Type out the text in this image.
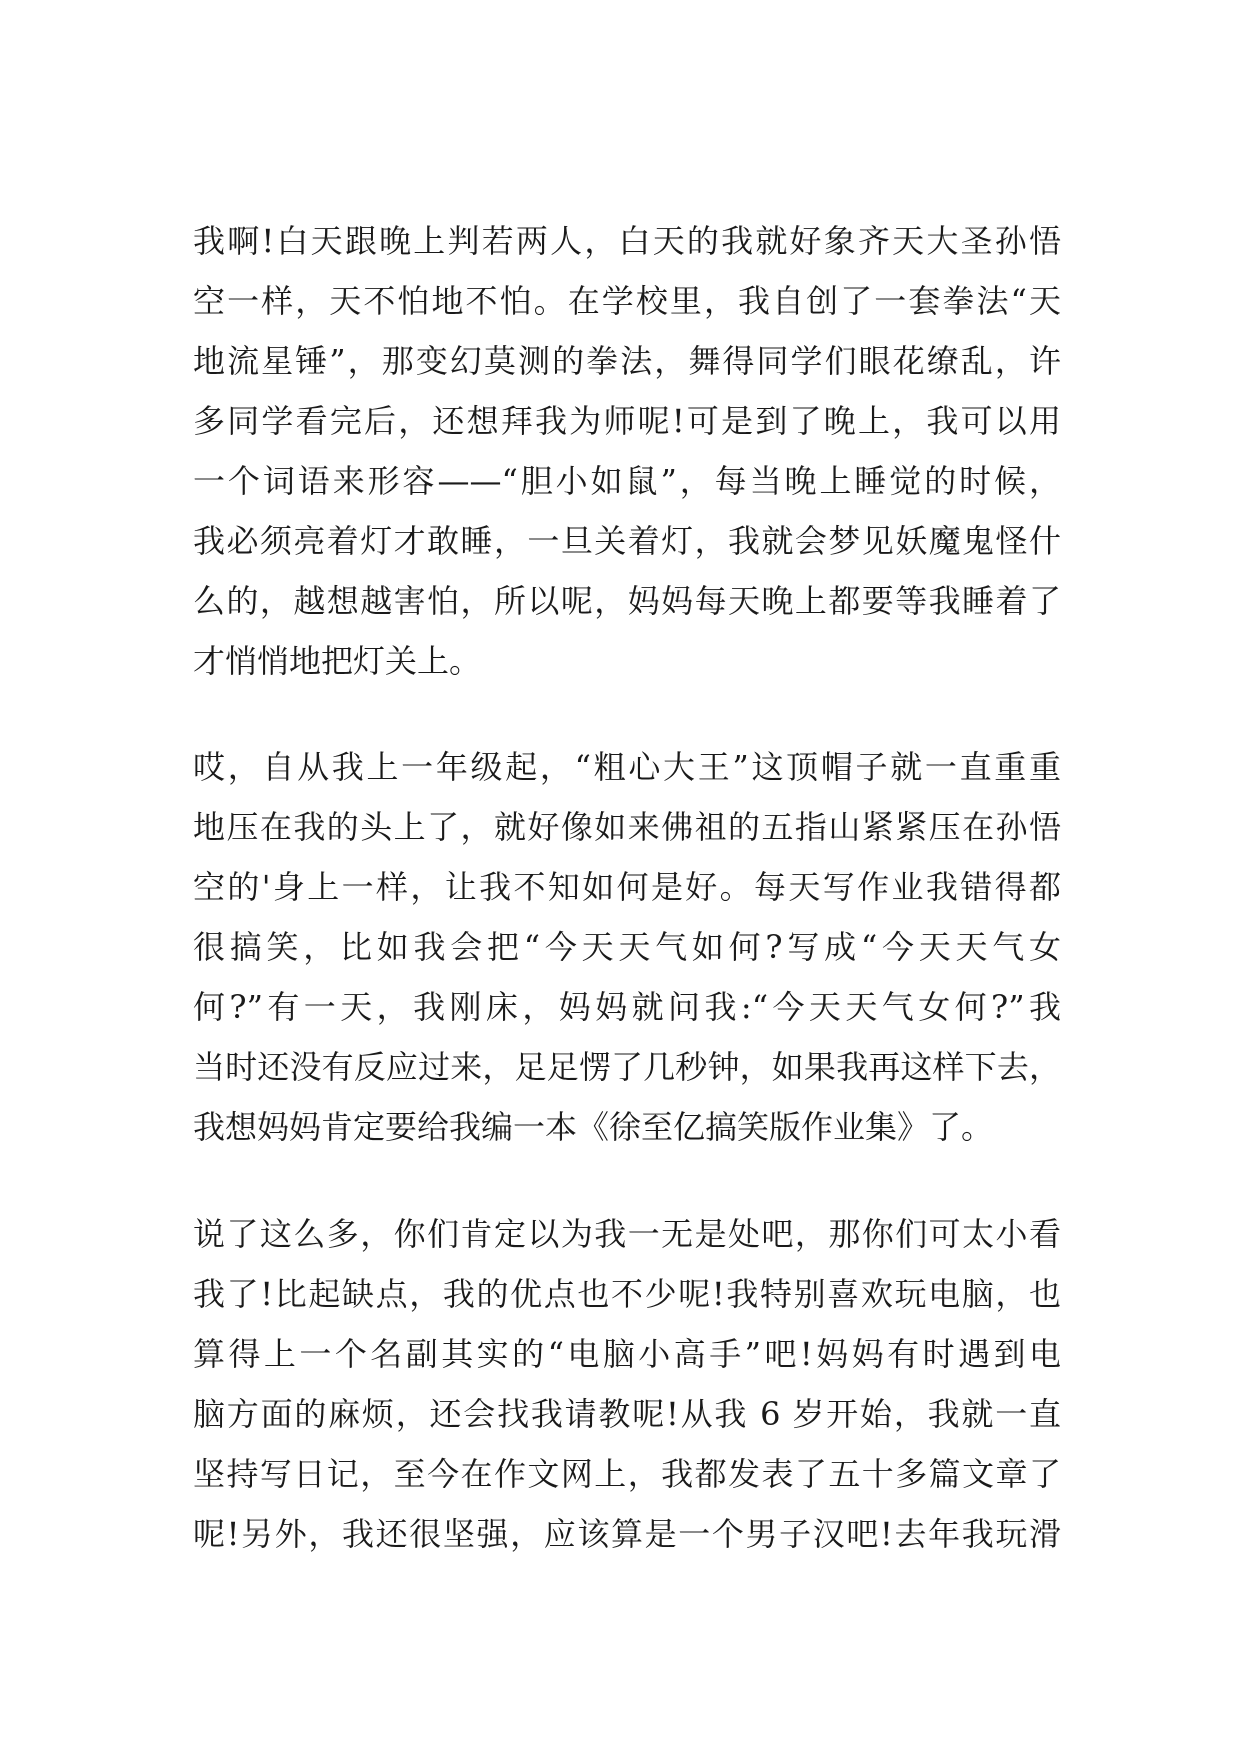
我啊!白天跟晚上判若两人，白天的我就好象齐天大圣孙悟
空一样，天不怕地不怕。在学校里，我自创了一套拳法“天
地流星锤”，那变幻莫测的拳法，舞得同学们眼花缭乱，许
多同学看完后，还想拜我为师呢!可是到了晚上，我可以用
一个词语来形容——“胆小如鼠”，每当晚上睡觉的时候，
我必须亮着灯才敢睡，一旦关着灯，我就会梦见妖魔鬼怪什
么的，越想越害怕，所以呢，妈妈每天晚上都要等我睡着了
才悄悄地把灯关上。
哎，自从我上一年级起，“粗心大王”这顶帽子就一直重重
地压在我的头上了，就好像如来佛祖的五指山紧紧压在孙悟
空的'身上一样，让我不知如何是好。每天写作业我错得都
很搞笑，比如我会把“今天天气如何?写成“今天天气女
何?”有一天，我刚床，妈妈就问我:“今天天气女何?”我
当时还没有反应过来，足足愣了几秒钟，如果我再这样下去，
我想妈妈肯定要给我编一本《徐至亿搞笑版作业集》了。
说了这么多，你们肯定以为我一无是处吧，那你们可太小看
我了!比起缺点，我的优点也不少呢!我特别喜欢玩电脑，也
算得上一个名副其实的“电脑小高手”吧!妈妈有时遇到电
脑方面的麻烦，还会找我请教呢!从我 6 岁开始，我就一直
坚持写日记，至今在作文网上，我都发表了五十多篇文章了
呢!另外，我还很坚强，应该算是一个男子汉吧!去年我玩滑
